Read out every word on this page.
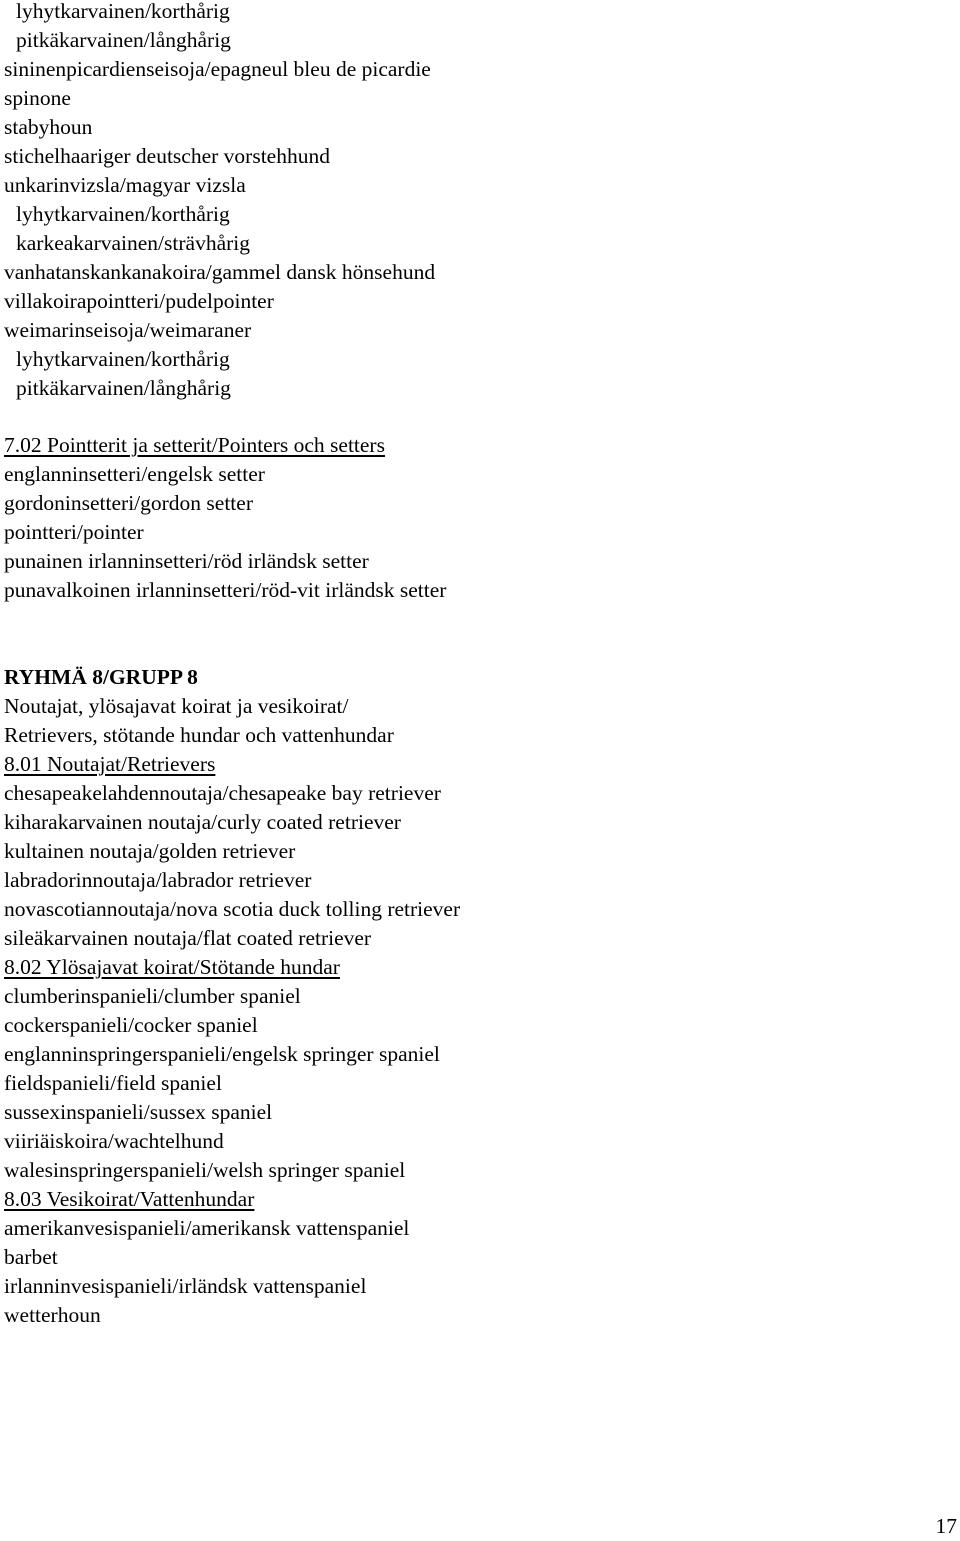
lyhytkarvainen/korthårig
pitkäkarvainen/långhårig
sininenpicardienseisoja/epagneul bleu de picardie
spinone
stabyhoun
stichelhaariger deutscher vorstehhund
unkarinvizsla/magyar vizsla
lyhytkarvainen/korthårig
karkeakarvainen/strävhårig
vanhatanskankanakoira/gammel dansk hönsehund
villakoirapointteri/pudelpointer
weimarinseisoja/weimaraner
lyhytkarvainen/korthårig
pitkäkarvainen/långhårig
7.02 Pointterit ja setterit/Pointers och setters
englanninsetteri/engelsk setter
gordoninsetteri/gordon setter
pointteri/pointer
punainen irlanninsetteri/röd irländsk setter
punavalkoinen irlanninsetteri/röd-vit irländsk setter
RYHMÄ 8/GRUPP 8
Noutajat, ylösajavat koirat ja vesikoirat/
Retrievers, stötande hundar och vattenhundar
8.01 Noutajat/Retrievers
chesapeakelahdennoutaja/chesapeake bay retriever
kiharakarvainen noutaja/curly coated retriever
kultainen noutaja/golden retriever
labradorinnoutaja/labrador retriever
novascotiannoutaja/nova scotia duck tolling retriever
sileäkarvainen noutaja/flat coated retriever
8.02 Ylösajavat koirat/Stötande hundar
clumberinspanieli/clumber spaniel
cockerspanieli/cocker spaniel
englanninspringerspanieli/engelsk springer spaniel
fieldspanieli/field spaniel
sussexinspanieli/sussex spaniel
viiriäiskoira/wachtelhund
walesinspringerspanieli/welsh springer spaniel
8.03 Vesikoirat/Vattenhundar
amerikanvesispanieli/amerikansk vattenspaniel
barbet
irlanninvesispanieli/irländsk vattenspaniel
wetterhoun
17
